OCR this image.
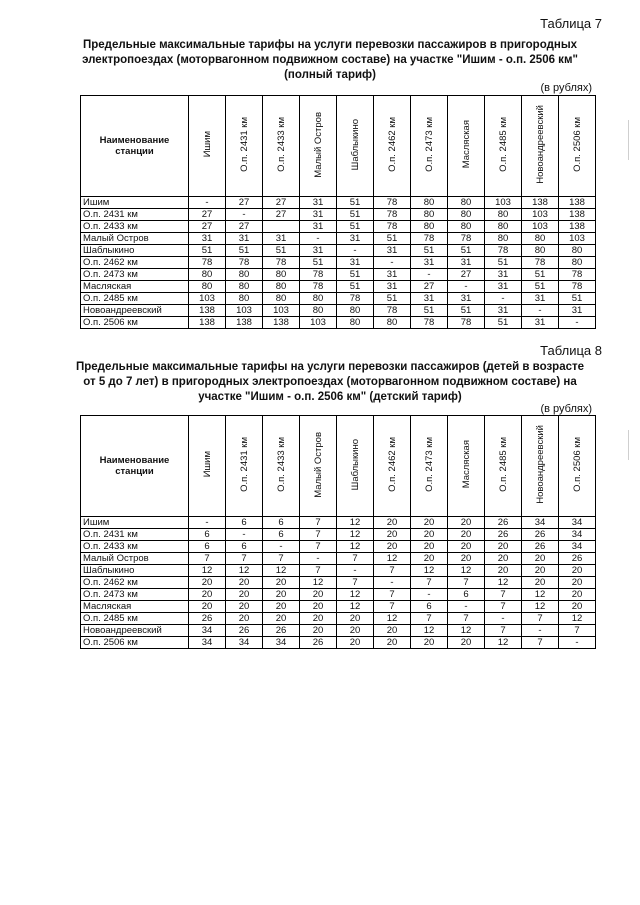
Таблица 7
Предельные максимальные тарифы на услуги перевозки пассажиров в пригородных электропоездах (моторвагонном подвижном составе) на участке "Ишим - о.п. 2506 км" (полный тариф)
(в рублях)
Наименование станции	Ишим	О.п. 2431 км	О.п. 2433 км	Малый Остров	Шаблыкино	О.п. 2462 км	О.п. 2473 км	Масляская	О.п. 2485 км	Новоандреевский	О.п. 2506 км
Ишим	-	27	27	31	51	78	80	80	103	138	138
О.п. 2431 км	27	-	27	31	51	78	80	80	80	103	138
О.п. 2433 км	27	27		31	51	78	80	80	80	103	138
Малый Остров	31	31	31	-	31	51	78	78	80	80	103
Шаблыкино	51	51	51	31	-	31	51	51	78	80	80
О.п. 2462 км	78	78	78	51	31	-	31	31	51	78	80
О.п. 2473 км	80	80	80	78	51	31	-	27	31	51	78
Масляская	80	80	80	78	51	31	27	-	31	51	78
О.п. 2485 км	103	80	80	80	78	51	31	31	-	31	51
Новоандреевский	138	103	103	80	80	78	51	51	31	-	31
О.п. 2506 км	138	138	138	103	80	80	78	78	51	31	-
Таблица 8
Предельные максимальные тарифы на услуги перевозки пассажиров (детей в возрасте от 5 до 7 лет) в пригородных электропоездах (моторвагонном подвижном составе) на участке "Ишим - о.п. 2506 км" (детский тариф)
(в рублях)
Наименование станции	Ишим	О.п. 2431 км	О.п. 2433 км	Малый Остров	Шаблыкино	О.п. 2462 км	О.п. 2473 км	Масляская	О.п. 2485 км	Новоандреевский	О.п. 2506 км
Ишим	-	6	6	7	12	20	20	20	26	34	34
О.п. 2431 км	6	-	6	7	12	20	20	20	26	26	34
О.п. 2433 км	6	6	-	7	12	20	20	20	20	26	34
Малый Остров	7	7	7	-	7	12	20	20	20	20	26
Шаблыкино	12	12	12	7	-	7	12	12	20	20	20
О.п. 2462 км	20	20	20	12	7	-	7	7	12	20	20
О.п. 2473 км	20	20	20	20	12	7	-	6	7	12	20
Масляская	20	20	20	20	12	7	6	-	7	12	20
О.п. 2485 км	26	20	20	20	20	12	7	7	-	7	12
Новоандреевский	34	26	26	20	20	20	12	12	7	-	7
О.п. 2506 км	34	34	34	26	20	20	20	20	12	7	-
